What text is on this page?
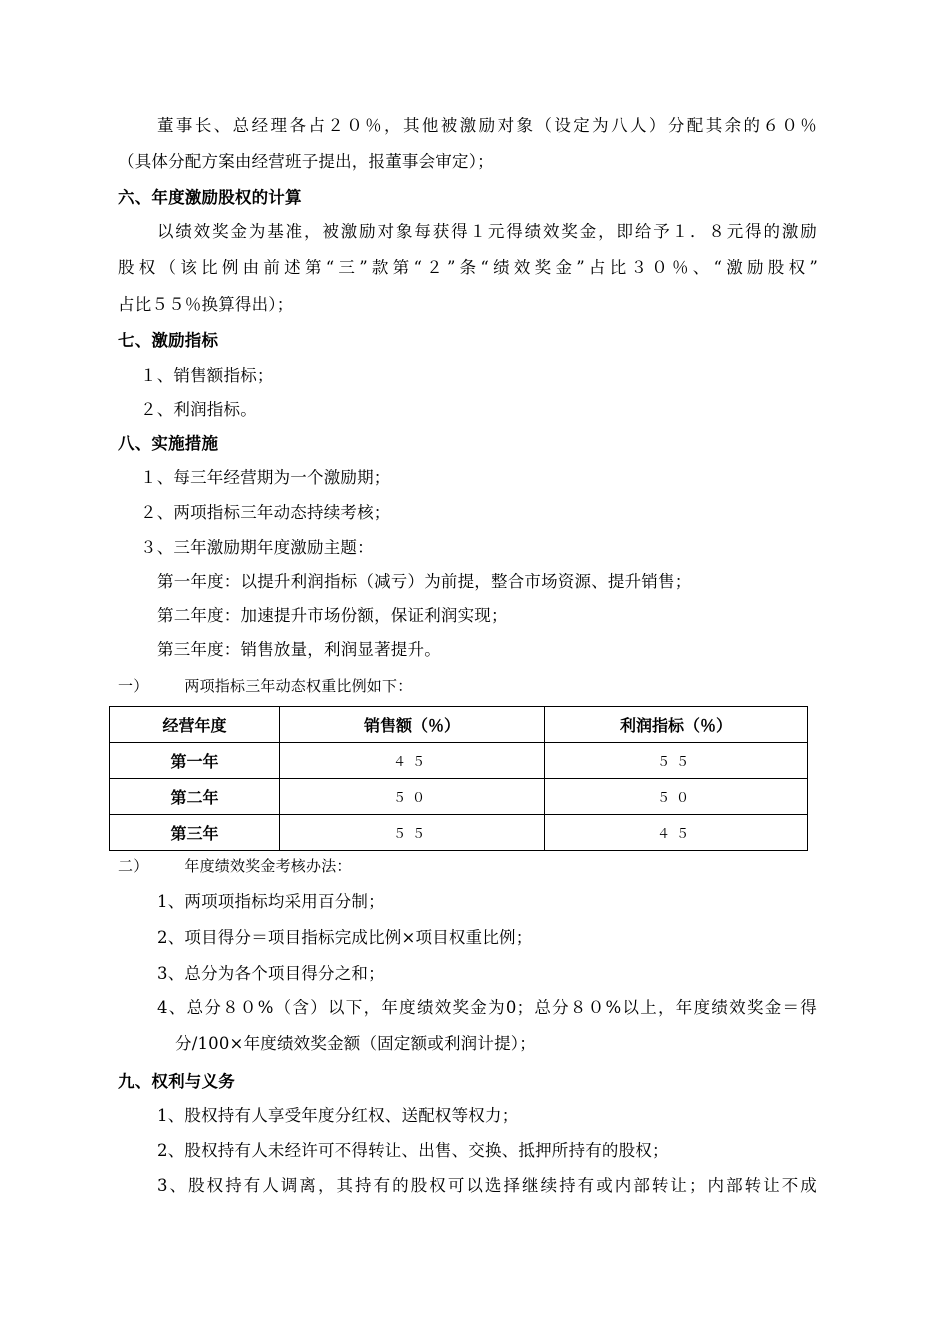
董事长、总经理各占２０％，其他被激励对象（设定为八人）分配其余的６０％
（具体分配方案由经营班子提出，报董事会审定）；
六、年度激励股权的计算
以绩效奖金为基准，被激励对象每获得１元得绩效奖金，即给予１．８元得的激励
股权（该比例由前述第“三”款第“２”条“绩效奖金”占比３０％、“激励股权”
占比５５％换算得出）；
七、激励指标
１、销售额指标；
２、利润指标。
八、实施措施
１、每三年经营期为一个激励期；
２、两项指标三年动态持续考核；
３、三年激励期年度激励主题：
第一年度：以提升利润指标（减亏）为前提，整合市场资源、提升销售；
第二年度：加速提升市场份额，保证利润实现；
第三年度：销售放量，利润显著提升。
一） 两项指标三年动态权重比例如下：
经营年度	销售额（％）	利润指标（％）
第一年	４５	５５
第二年	５０	５０
第三年	５５	４５
二） 年度绩效奖金考核办法：
1、两项项指标均采用百分制；
2、项目得分＝项目指标完成比例×项目权重比例；
3、总分为各个项目得分之和；
4、总分８０%（含）以下，年度绩效奖金为0；总分８０%以上，年度绩效奖金＝得
分/100×年度绩效奖金额（固定额或利润计提）；
九、权利与义务
1、股权持有人享受年度分红权、送配权等权力；
2、股权持有人未经许可不得转让、出售、交换、抵押所持有的股权；
3、股权持有人调离，其持有的股权可以选择继续持有或内部转让；内部转让不成
